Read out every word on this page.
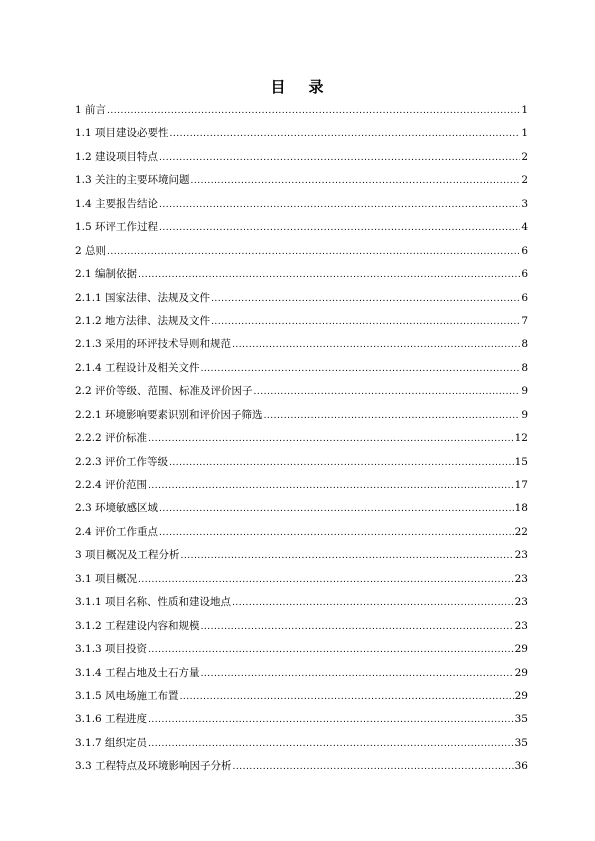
目 录
1 前言 .....	1
1.1 项目建设必要性 .....	1
1.2 建设项目特点 .....	2
1.3 关注的主要环境问题 .....	2
1.4 主要报告结论 .....	3
1.5 环评工作过程 .....	4
2 总则 .....	6
2.1 编制依据 .....	6
2.1.1 国家法律、法规及文件 .....	6
2.1.2 地方法律、法规及文件 .....	7
2.1.3 采用的环评技术导则和规范 .....	8
2.1.4 工程设计及相关文件 .....	8
2.2 评价等级、范围、标准及评价因子 .....	9
2.2.1 环境影响要素识别和评价因子筛选 .....	9
2.2.2 评价标准 .....	12
2.2.3 评价工作等级 .....	15
2.2.4 评价范围 .....	17
2.3 环境敏感区域 .....	18
2.4 评价工作重点 .....	22
3 项目概况及工程分析 .....	23
3.1 项目概况 .....	23
3.1.1 项目名称、性质和建设地点 .....	23
3.1.2 工程建设内容和规模 .....	23
3.1.3 项目投资 .....	29
3.1.4 工程占地及土石方量 .....	29
3.1.5 风电场施工布置 .....	29
3.1.6 工程进度 .....	35
3.1.7 组织定员 .....	35
3.3 工程特点及环境影响因子分析 .....	36
